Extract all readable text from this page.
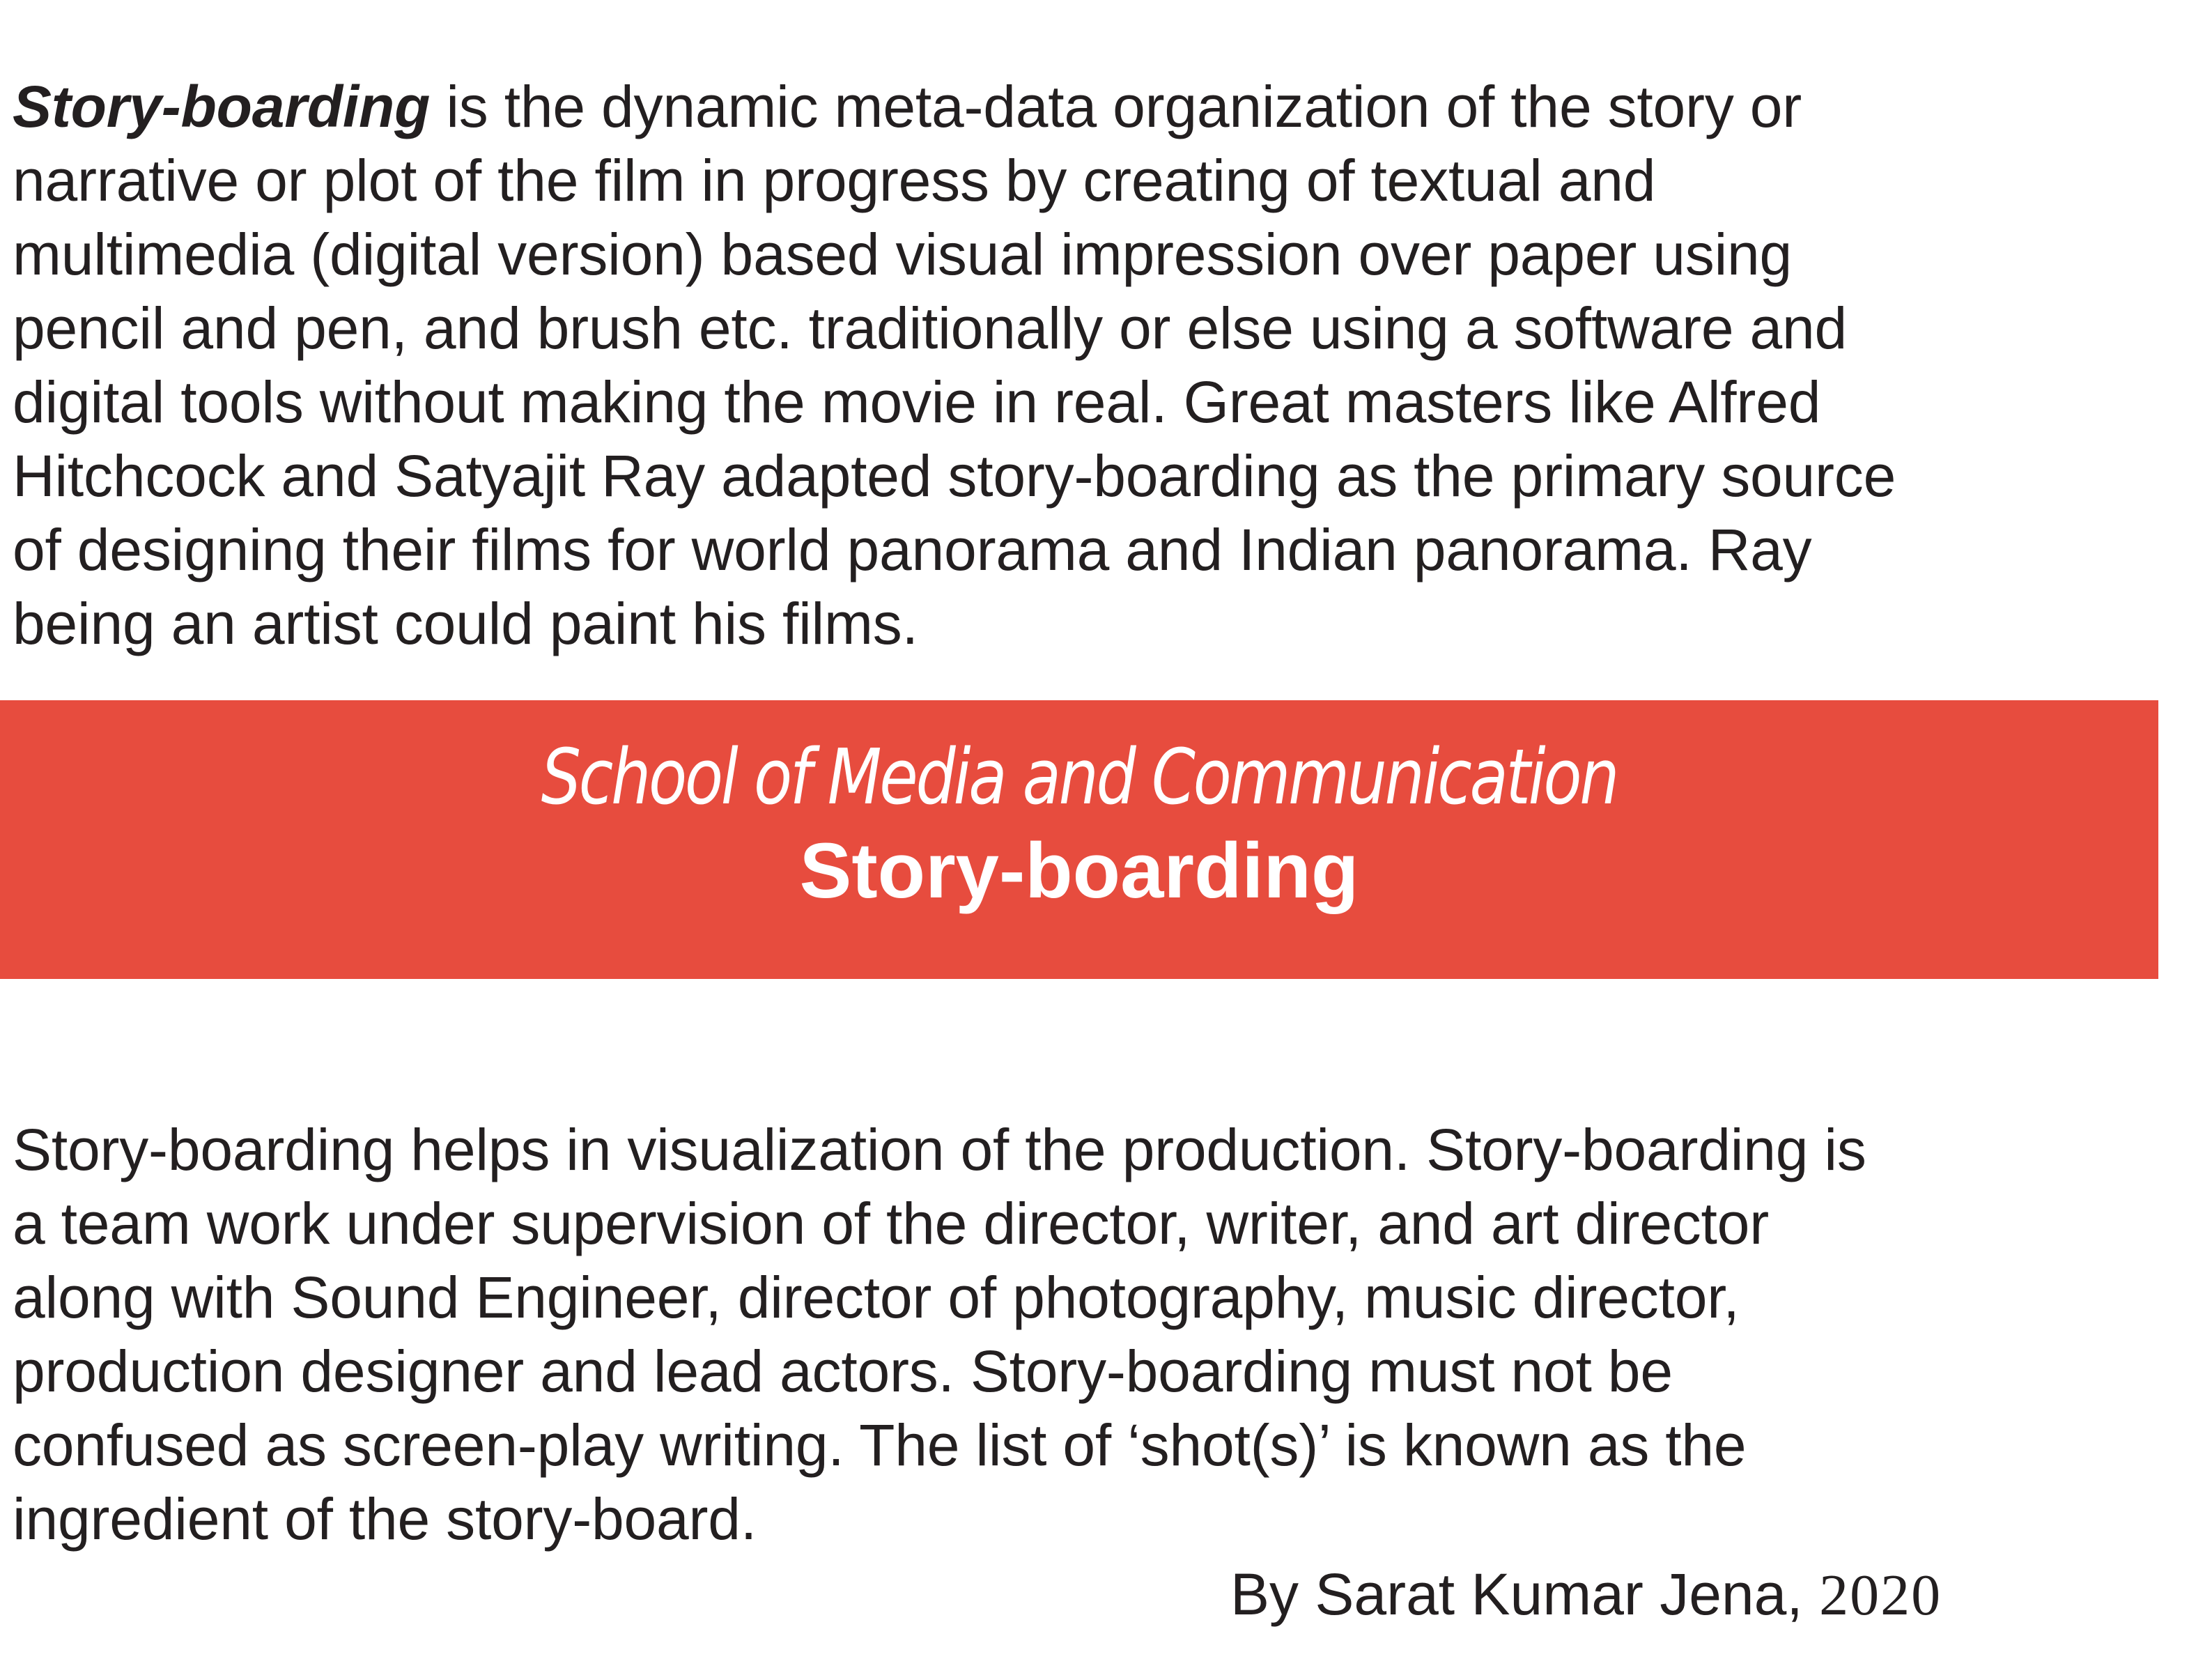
Story-boarding is the dynamic meta-data organization of the story or
narrative or plot of the film in progress by creating of textual and
multimedia (digital version) based visual impression over paper using
pencil and pen, and brush etc. traditionally or else using a software and
digital tools without making the movie in real. Great masters like Alfred
Hitchcock and Satyajit Ray adapted story-boarding as the primary source
of designing their films for world panorama and Indian panorama. Ray
being an artist could paint his films.

School of Media and Communication
Story-boarding

Story-boarding helps in visualization of the production. Story-boarding is
a team work under supervision of the director, writer, and art director
along with Sound Engineer, director of photography, music director,
production designer and lead actors. Story-boarding must not be
confused as screen-play writing. The list of ‘shot(s)’ is known as the
ingredient of the story-board.

By Sarat Kumar Jena, 2020
